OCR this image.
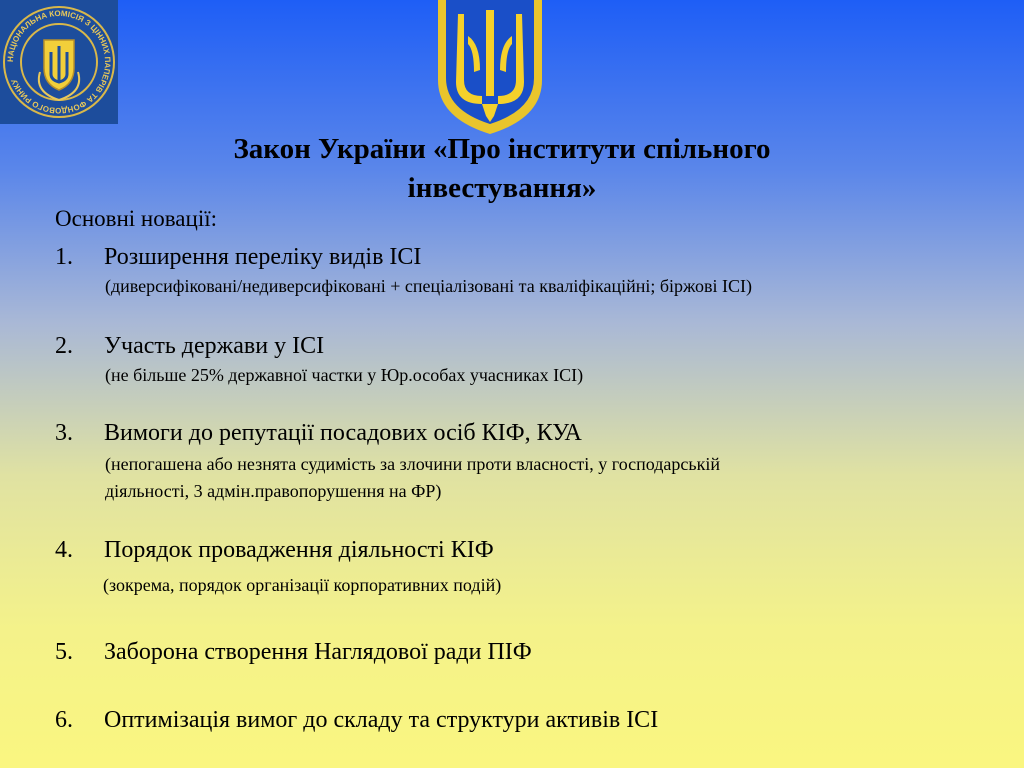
НАЦІОНАЛЬНА КОМІСІЯ З ЦІННИХ ПАПЕРІВ ТА ФОНДОВОГО РИНКУ
Закон України «Про інститути спільного
інвестування»
Основні новації:
1. Розширення переліку видів ІСІ
(диверсифіковані/недиверсифіковані + спеціалізовані та кваліфікаційні; біржові ІСІ)
2. Участь держави у ІСІ
(не більше 25% державної частки у Юр.особах учасниках ІСІ)
3. Вимоги до репутації посадових осіб КІФ, КУА
(непогашена або незнята судимість за злочини проти власності, у господарській
діяльності, 3 адмін.правопорушення на ФР)
4. Порядок провадження діяльності КІФ
(зокрема, порядок організації корпоративних подій)
5. Заборона створення Наглядової ради ПІФ
6. Оптимізація вимог до складу та структури активів ІСІ
